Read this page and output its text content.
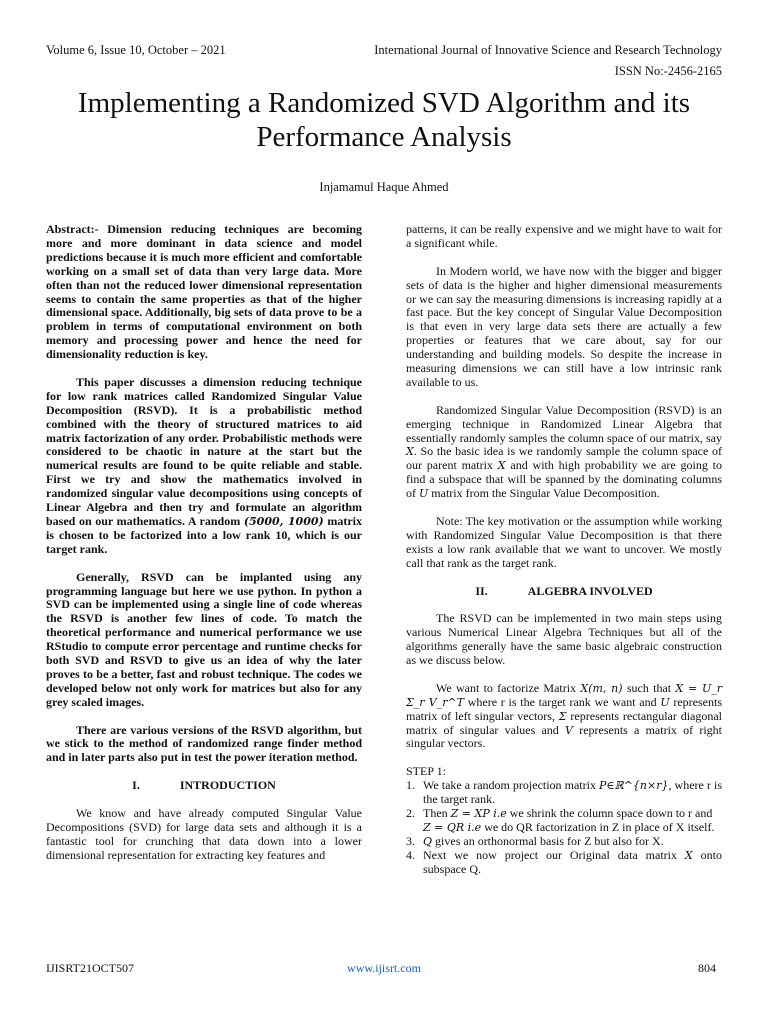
Volume 6, Issue 10, October – 2021	International Journal of Innovative Science and Research Technology
ISSN No:-2456-2165
Implementing a Randomized SVD Algorithm and its
Performance Analysis
Injamamul Haque Ahmed

Abstract:- Dimension reducing techniques are becoming more and more dominant in data science and model predictions because it is much more efficient and comfortable working on a small set of data than very large data. More often than not the reduced lower dimensional representation seems to contain the same properties as that of the higher dimensional space. Additionally, big sets of data prove to be a problem in terms of computational environment on both memory and processing power and hence the need for dimensionality reduction is key.

This paper discusses a dimension reducing technique for low rank matrices called Randomized Singular Value Decomposition (RSVD). It is a probabilistic method combined with the theory of structured matrices to aid matrix factorization of any order. Probabilistic methods were considered to be chaotic in nature at the start but the numerical results are found to be quite reliable and stable. First we try and show the mathematics involved in randomized singular value decompositions using concepts of Linear Algebra and then try and formulate an algorithm based on our mathematics. A random (5000, 1000) matrix is chosen to be factorized into a low rank 10, which is our target rank.

Generally, RSVD can be implanted using any programming language but here we use python. In python a SVD can be implemented using a single line of code whereas the RSVD is another few lines of code. To match the theoretical performance and numerical performance we use RStudio to compute error percentage and runtime checks for both SVD and RSVD to give us an idea of why the later proves to be a better, fast and robust technique. The codes we developed below not only work for matrices but also for any grey scaled images.

There are various versions of the RSVD algorithm, but we stick to the method of randomized range finder method and in later parts also put in test the power iteration method.

I.	INTRODUCTION

We know and have already computed Singular Value Decompositions (SVD) for large data sets and although it is a fantastic tool for crunching that data down into a lower dimensional representation for extracting key features and

patterns, it can be really expensive and we might have to wait for a significant while.

In Modern world, we have now with the bigger and bigger sets of data is the higher and higher dimensional measurements or we can say the measuring dimensions is increasing rapidly at a fast pace. But the key concept of Singular Value Decomposition is that even in very large data sets there are actually a few properties or features that we care about, say for our understanding and building models. So despite the increase in measuring dimensions we can still have a low intrinsic rank available to us.

Randomized Singular Value Decomposition (RSVD) is an emerging technique in Randomized Linear Algebra that essentially randomly samples the column space of our matrix, say X. So the basic idea is we randomly sample the column space of our parent matrix X and with high probability we are going to find a subspace that will be spanned by the dominating columns of U matrix from the Singular Value Decomposition.

Note: The key motivation or the assumption while working with Randomized Singular Value Decomposition is that there exists a low rank available that we want to uncover. We mostly call that rank as the target rank.

II.	ALGEBRA INVOLVED

The RSVD can be implemented in two main steps using various Numerical Linear Algebra Techniques but all of the algorithms generally have the same basic algebraic construction as we discuss below.

We want to factorize Matrix X(m, n) such that X = U_r Σ_r V_r^T where r is the target rank we want and U represents matrix of left singular vectors, Σ represents rectangular diagonal matrix of singular values and V represents a matrix of right singular vectors.

STEP 1:
1. We take a random projection matrix P∈ℝ^{n×r}, where r is the target rank.
2. Then Z = XP i.e we shrink the column space down to r and
Z = QR i.e we do QR factorization in Z in place of X itself.
3. Q gives an orthonormal basis for Z but also for X.
4. Next we now project our Original data matrix X onto subspace Q.
IJISRT21OCT507	www.ijisrt.com	804
